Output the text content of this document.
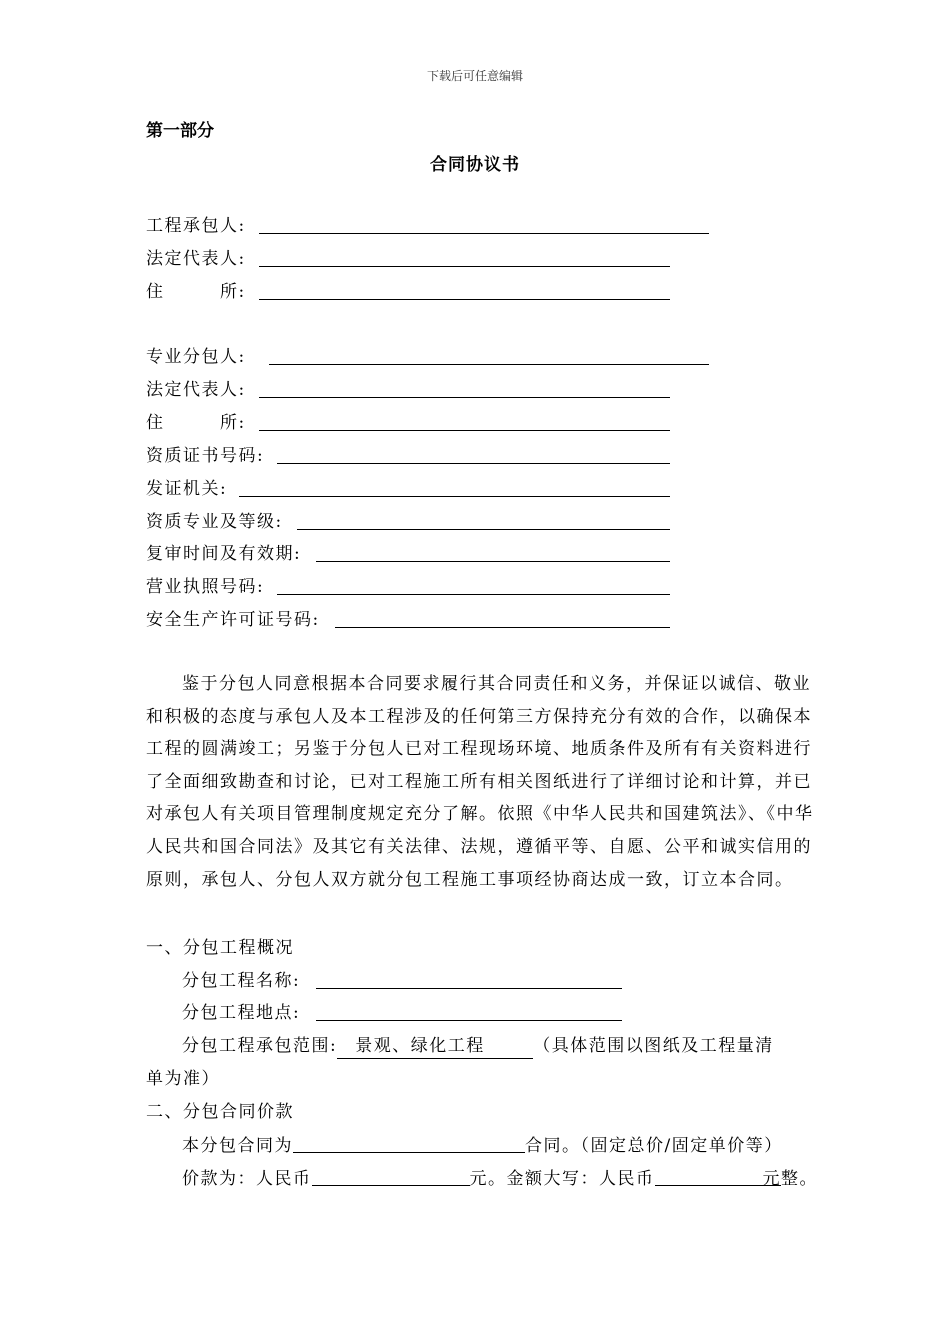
下载后可任意编辑
第一部分
合同协议书
工程承包人:
法定代表人:
住　　　所:
专业分包人:
法定代表人:
住　　　所:
资质证书号码:
发证机关:
资质专业及等级:
复审时间及有效期:
营业执照号码:
安全生产许可证号码:
鉴于分包人同意根据本合同要求履行其合同责任和义务，并保证以诚信、敬业和积极的态度与承包人及本工程涉及的任何第三方保持充分有效的合作，以确保本工程的圆满竣工；另鉴于分包人已对工程现场环境、地质条件及所有有关资料进行了全面细致勘查和讨论，已对工程施工所有相关图纸进行了详细讨论和计算，并已对承包人有关项目管理制度规定充分了解。依照《中华人民共和国建筑法》、《中华人民共和国合同法》及其它有关法律、法规，遵循平等、自愿、公平和诚实信用的原则，承包人、分包人双方就分包工程施工事项经协商达成一致，订立本合同。
一、分包工程概况
分包工程名称:
分包工程地点:
分包工程承包范围: 景观、绿化工程	（具体范围以图纸及工程量清
单为准）
二、分包合同价款
本分包合同为	合同。（固定总价/固定单价等）
价款为：人民币	元。金额大写：人民币	元整。
